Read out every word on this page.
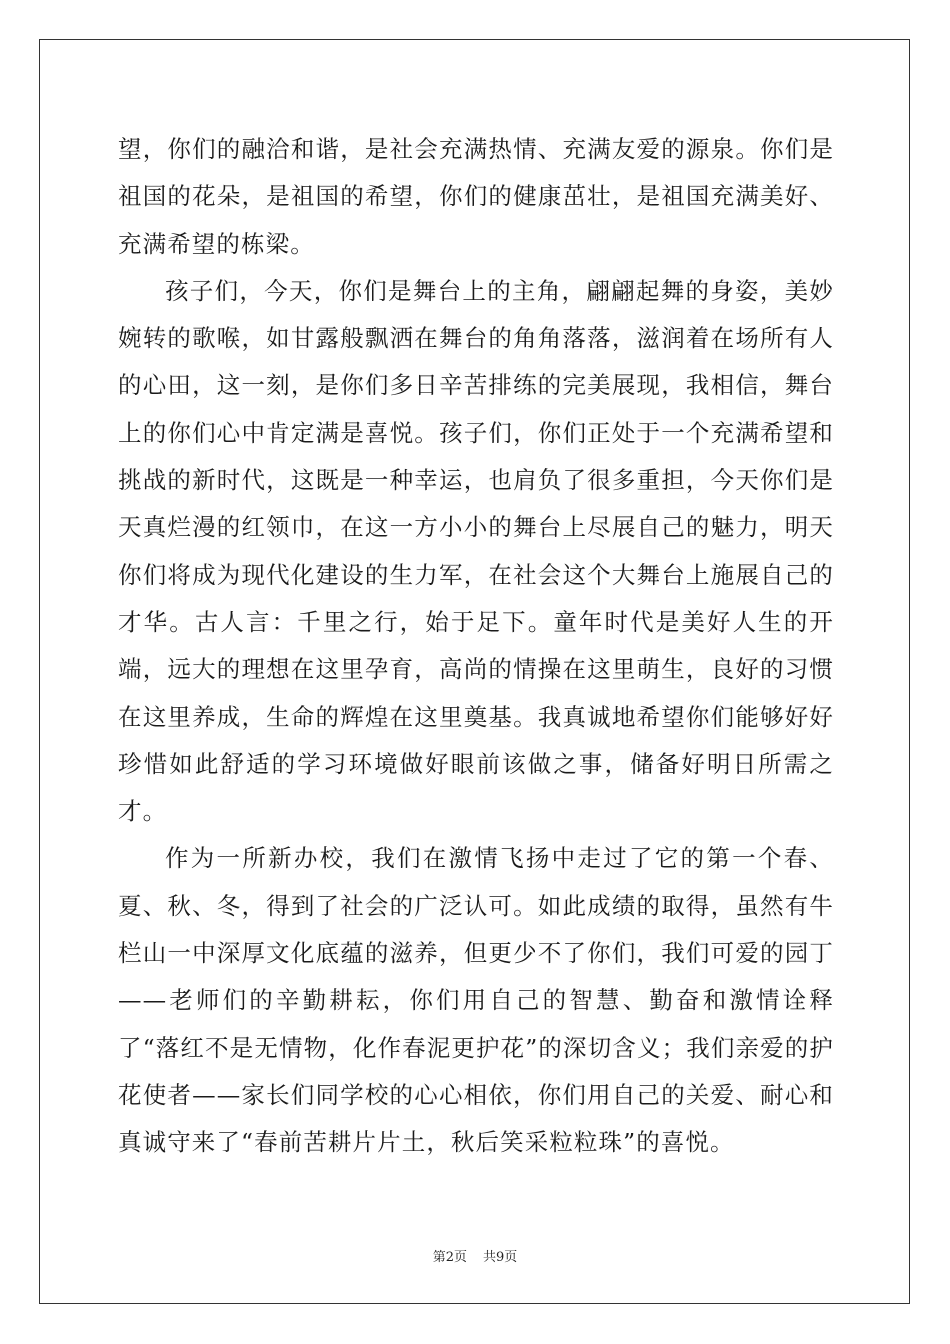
望，你们的融洽和谐，是社会充满热情、充满友爱的源泉。你们是祖国的花朵，是祖国的希望，你们的健康茁壮，是祖国充满美好、充满希望的栋梁。

孩子们，今天，你们是舞台上的主角，翩翩起舞的身姿，美妙婉转的歌喉，如甘露般飘洒在舞台的角角落落，滋润着在场所有人的心田，这一刻，是你们多日辛苦排练的完美展现，我相信，舞台上的你们心中肯定满是喜悦。孩子们，你们正处于一个充满希望和挑战的新时代，这既是一种幸运，也肩负了很多重担，今天你们是天真烂漫的红领巾，在这一方小小的舞台上尽展自己的魅力，明天你们将成为现代化建设的生力军，在社会这个大舞台上施展自己的才华。古人言：千里之行，始于足下。童年时代是美好人生的开端，远大的理想在这里孕育，高尚的情操在这里萌生，良好的习惯在这里养成，生命的辉煌在这里奠基。我真诚地希望你们能够好好珍惜如此舒适的学习环境做好眼前该做之事，储备好明日所需之才。

作为一所新办校，我们在激情飞扬中走过了它的第一个春、夏、秋、冬，得到了社会的广泛认可。如此成绩的取得，虽然有牛栏山一中深厚文化底蕴的滋养，但更少不了你们，我们可爱的园丁——老师们的辛勤耕耘，你们用自己的智慧、勤奋和激情诠释了“落红不是无情物，化作春泥更护花”的深切含义；我们亲爱的护花使者——家长们同学校的心心相依，你们用自己的关爱、耐心和真诚守来了“春前苦耕片片土，秋后笑采粒粒珠”的喜悦。

第2页 共9页
